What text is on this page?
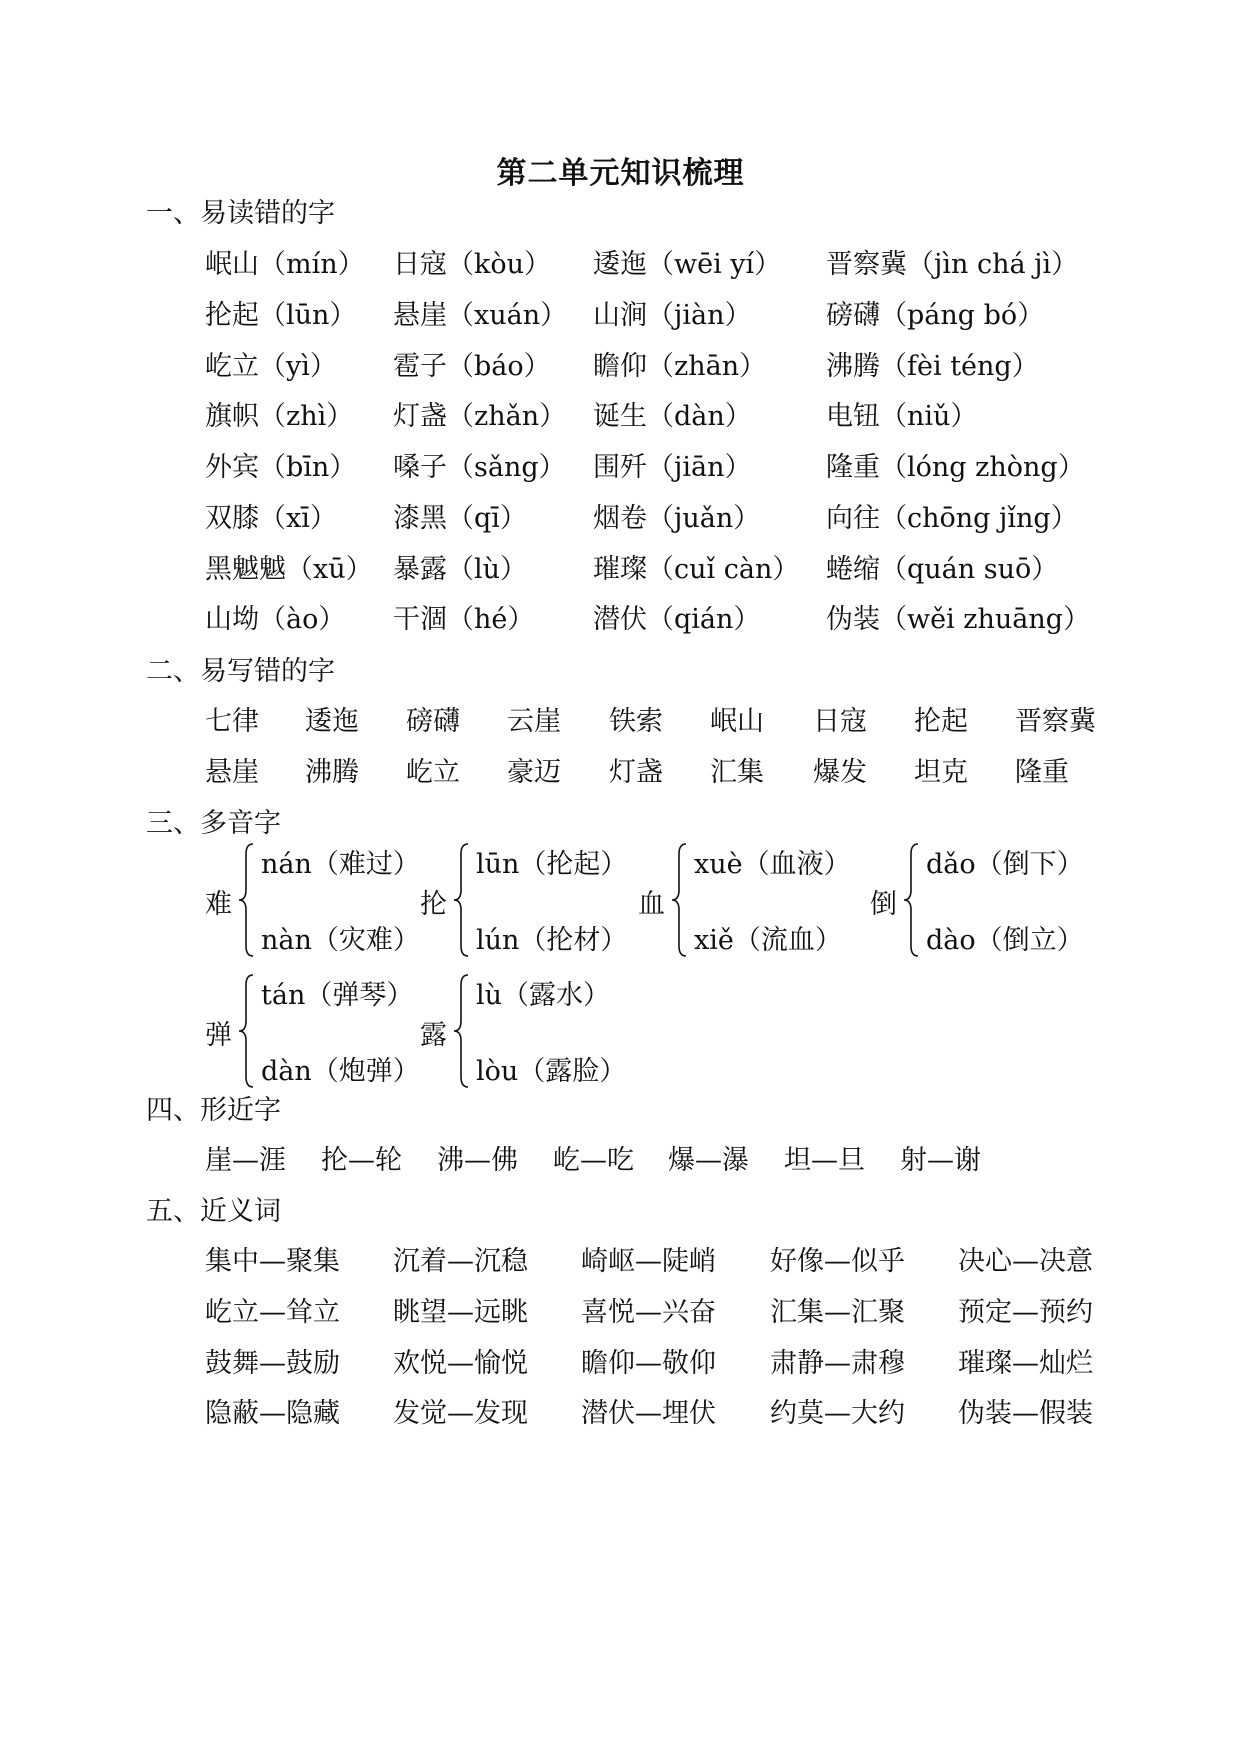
第二单元知识梳理
一、易读错的字
岷山（mín） 日寇（kòu） 逶迤（wēi yí） 晋察冀（jìn chá jì）
抡起（lūn） 悬崖（xuán） 山涧（jiàn）	磅礴（páng bó）
屹立（yì） 雹子（báo） 瞻仰（zhān） 沸腾（fèi téng）
旗帜（zhì） 灯盏（zhǎn） 诞生（dàn）	电钮（niǔ）
外宾（bīn） 嗓子（sǎng） 围歼（jiān）	隆重（lóng zhòng）
双膝（xī） 漆黑（qī） 烟卷（juǎn） 向往（chōng jǐng）
黑魆魆（xū） 暴露（lù） 璀璨（cuǐ càn） 蜷缩（quán suō）
山坳（ào） 干涸（hé） 潜伏（qián） 伪装（wěi zhuāng）
二、易写错的字
七律 逶迤 磅礴 云崖 铁索 岷山 日寇 抡起 晋察冀
悬崖 沸腾 屹立 豪迈 灯盏 汇集 爆发 坦克 隆重
三、多音字
难
nán（难过）
nàn（灾难）
抡
lūn（抡起）
lún（抡材）
血
xuè（血液）
xiě（流血）
倒
dǎo（倒下）
dào（倒立）
弹
tán（弹琴）
dàn（炮弹）
露
lù（露水）
lòu（露脸）
四、形近字
崖—涯 抡—轮 沸—佛 屹—吃 爆—瀑 坦—旦 射—谢
五、近义词
集中—聚集 沉着—沉稳 崎岖—陡峭 好像—似乎 决心—决意
屹立—耸立 眺望—远眺 喜悦—兴奋 汇集—汇聚 预定—预约
鼓舞—鼓励 欢悦—愉悦 瞻仰—敬仰 肃静—肃穆 璀璨—灿烂
隐蔽—隐藏 发觉—发现 潜伏—埋伏 约莫—大约 伪装—假装
